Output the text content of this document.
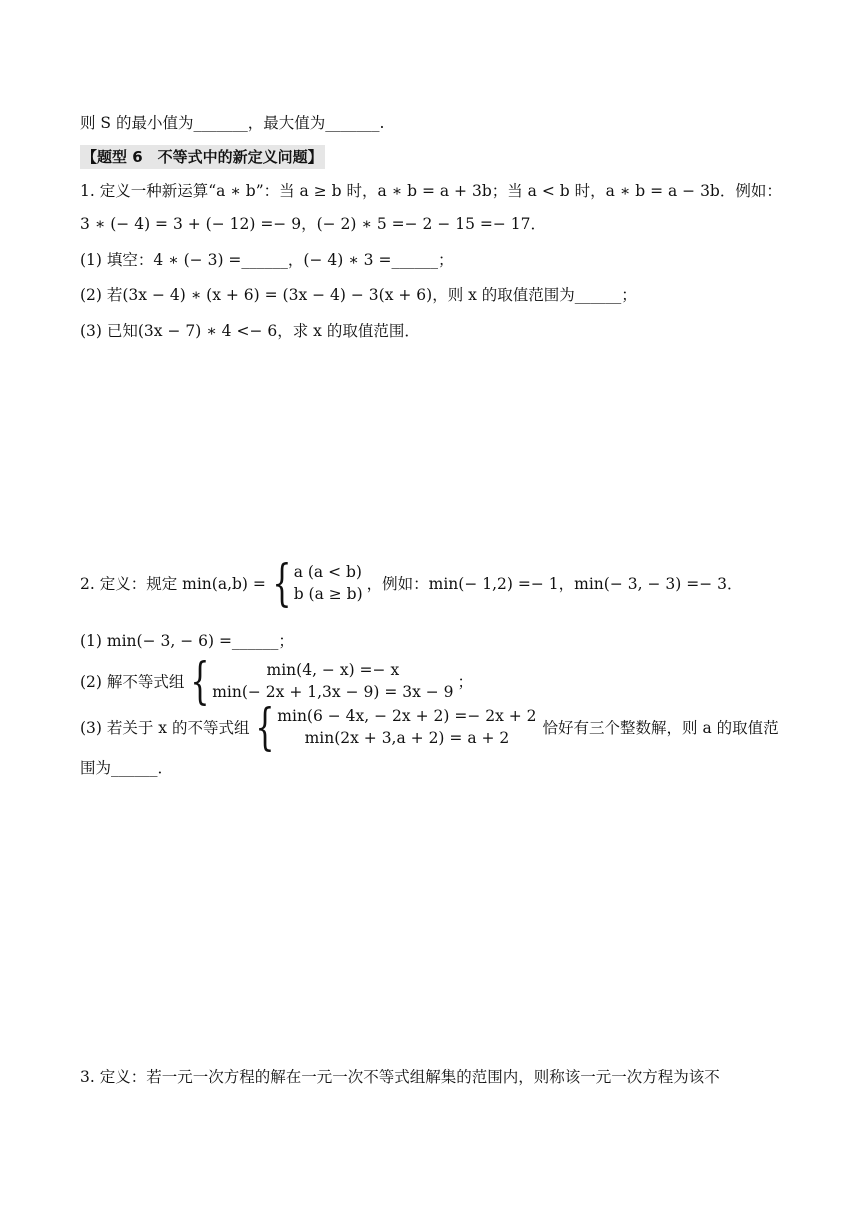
则 S 的最小值为_______，最大值为_______.
【题型 6　不等式中的新定义问题】
1. 定义一种新运算“a ∗ b”：当 a ≥ b 时，a ∗ b = a + 3b；当 a < b 时，a ∗ b = a − 3b．例如：
3 ∗ (− 4) = 3 + (− 12) =− 9，(− 2) ∗ 5 =− 2 − 15 =− 17．
(1) 填空：4 ∗ (− 3) =______，(− 4) ∗ 3 =______；
(2) 若(3x − 4) ∗ (x + 6) = (3x − 4) − 3(x + 6)，则 x 的取值范围为______；
(3) 已知(3x − 7) ∗ 4 <− 6，求 x 的取值范围．
2. 定义：规定 min(a,b) = { a (a < b)
b (a ≥ b)
，例如：min(− 1,2) =− 1，min(− 3, − 3) =− 3．
(1) min(− 3, − 6) =______；
(2) 解不等式组 {	min(4, − x) =− x
min(− 2x + 1,3x − 9) = 3x − 9
；
(3) 若关于 x 的不等式组 { min(6 − 4x, − 2x + 2) =− 2x + 2
min(2x + 3,a + 2) = a + 2
恰好有三个整数解，则 a 的取值范
围为______．
3. 定义：若一元一次方程的解在一元一次不等式组解集的范围内，则称该一元一次方程为该不
